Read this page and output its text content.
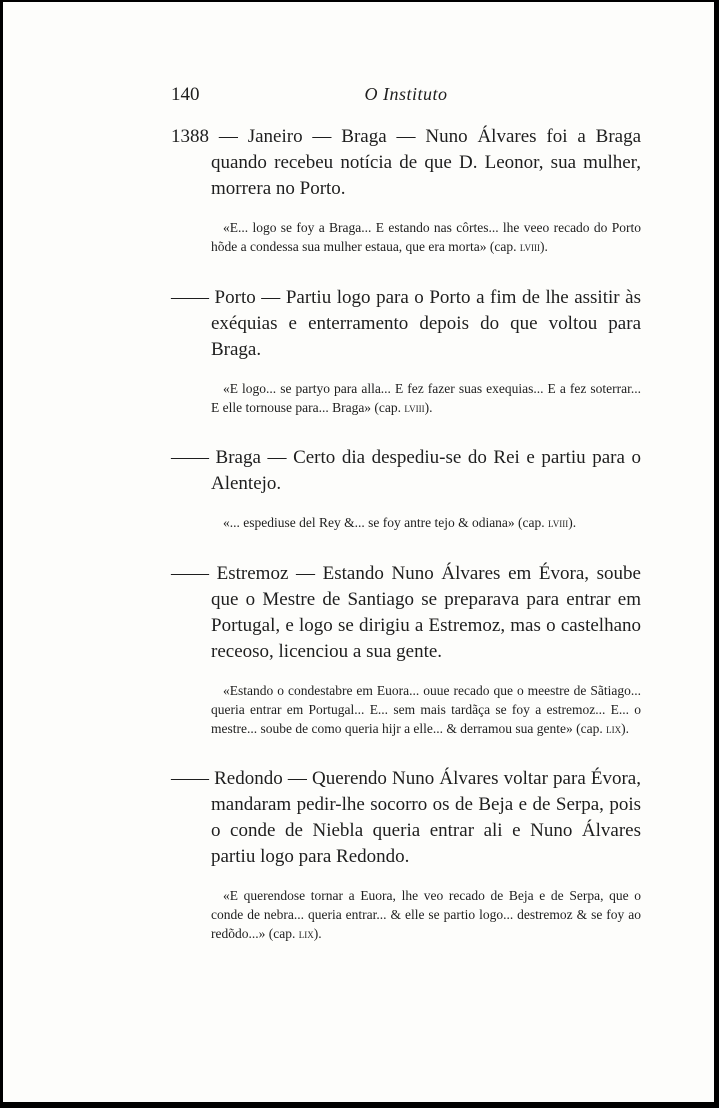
140	O Instituto

1388 — Janeiro — Braga — Nuno Álvares foi a Braga quando recebeu notícia de que D. Leonor, sua mulher, morrera no Porto.

«E... logo se foy a Braga... E estando nas côrtes... lhe veeo recado do Porto hõde a condessa sua mulher estaua, que era morta» (cap. lviii).

—— Porto — Partiu logo para o Porto a fim de lhe assitir às exéquias e enterramento depois do que voltou para Braga.

«E logo... se partyo para alla... E fez fazer suas exequias... E a fez soterrar... E elle tornouse para... Braga» (cap. lviii).

—— Braga — Certo dia despediu-se do Rei e partiu para o Alentejo.

«... espediuse del Rey &... se foy antre tejo & odiana» (cap. lviii).

—— Estremoz — Estando Nuno Álvares em Évora, soube que o Mestre de Santiago se preparava para entrar em Portugal, e logo se dirigiu a Estremoz, mas o castelhano receoso, licenciou a sua gente.

«Estando o condestabre em Euora... ouue recado que o meestre de Sãtiago... queria entrar em Portugal... E... sem mais tardãça se foy a estremoz... E... o mestre... soube de como queria hijr a elle... & derramou sua gente» (cap. lix).

—— Redondo — Querendo Nuno Álvares voltar para Évora, mandaram pedir-lhe socorro os de Beja e de Serpa, pois o conde de Niebla queria entrar ali e Nuno Álvares partiu logo para Redondo.

«E querendose tornar a Euora, lhe veo recado de Beja e de Serpa, que o conde de nebra... queria entrar... & elle se partio logo... destremoz & se foy ao redõdo...» (cap. lix).
